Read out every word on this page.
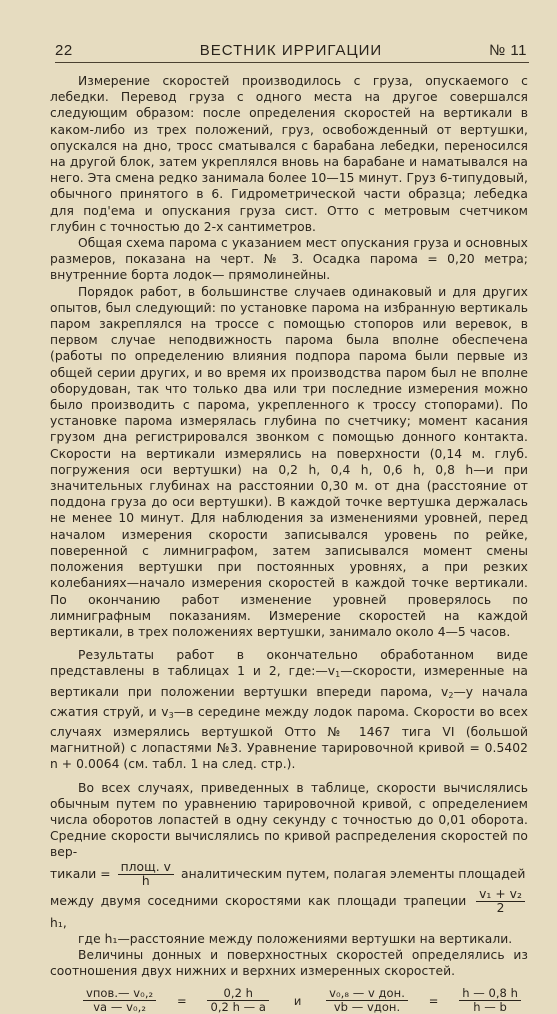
22	ВЕСТНИК ИРРИГАЦИИ	№ 11

Измерение скоростей производилось с груза, опускаемого с лебедки. Перевод груза с одного места на другое совершался следующим образом: после определения скоростей на вертикали в каком-либо из трех положений, груз, освобожденный от вертушки, опускался на дно, тросс сматывался с барабана лебедки, переносился на другой блок, затем укреплялся вновь на барабане и наматывался на него. Эта смена редко занимала более 10—15 минут. Груз 6-типудовый, обычного принятого в 6. Гидрометрической части образца; лебедка для под'ема и опускания груза сист. Отто с метровым счетчиком глубин с точностью до 2-х сантиметров.

Общая схема парома с указанием мест опускания груза и основных размеров, показана на черт. № 3. Осадка парома = 0,20 метра; внутренние борта лодок— прямолинейны.

Порядок работ, в большинстве случаев одинаковый и для других опытов, был следующий: по установке парома на избранную вертикаль паром закреплялся на троссе с помощью стопоров или веревок, в первом случае неподвижность парома была вполне обеспечена (работы по определению влияния подпора парома были первые из общей серии других, и во время их производства паром был не вполне оборудован, так что только два или три последние измерения можно было производить с парома, укрепленного к троссу стопорами). По установке парома измерялась глубина по счетчику; момент касания грузом дна регистрировался звонком с помощью донного контакта. Скорости на вертикали измерялись на поверхности (0,14 м. глуб. погружения оси вертушки) на 0,2 h, 0,4 h, 0,6 h, 0,8 h—и при значительных глубинах на расстоянии 0,30 м. от дна (расстояние от поддона груза до оси вертушки). В каждой точке вертушка держалась не менее 10 минут. Для наблюдения за изменениями уровней, перед началом измерения скорости записывался уровень по рейке, поверенной с лимниграфом, затем записывался момент смены положения вертушки при постоянных уровнях, а при резких колебаниях—начало измерения скоростей в каждой точке вертикали. По окончанию работ изменение уровней проверялось по лимниграфным показаниям. Измерение скоростей на каждой вертикали, в трех положениях вертушки, занимало около 4—5 часов.

Результаты работ в окончательно обработанном виде представлены в таблицах 1 и 2, $где:—v_1—скорости$, измеренные на вертикали при положении вертушки впереди парома, $v_2—у$ начала сжатия струй, и $v_3—в$ середине между лодок парома. Скорости во всех случаях измерялись вертушкой Отто № 1467 тига VI (большой магнитной) с лопастями №3. Уравнение тарировочной кривой = 0.5402 n + 0.0064 (см. табл. 1 на след. стр.).

Во всех случаях, приведенных в таблице, скорости вычислялись обычным путем по уравнению тарировочной кривой, с определением числа оборотов лопастей в одну секунду с точностью до 0,01 оборота. Средние скорости вычислялись по кривой распределения скоростей по вер-

тикали = $\frac{\text{площ. v}}{h}$ аналитическим путем, полагая элементы площадей

между двумя соседними скоростями как площади трапеции $\frac{\text{v₁ + v₂}}{2}$
h₁,

где h₁—расстояние между положениями вертушки на вертикали.

Величины донных и поверхностных скоростей определялись из соотношения двух нижних и верхних измеренных скоростей.

$\frac{\text{vпов.— v₀,₂}}{\text{va — v₀,₂}} = \frac{0,2 h}{0,2 h — a}$ и $\frac{\text{v₀,₈ — v дон.}}{\text{vb — vдон.}} = \frac{h — 0,8 h}{h — b}$
